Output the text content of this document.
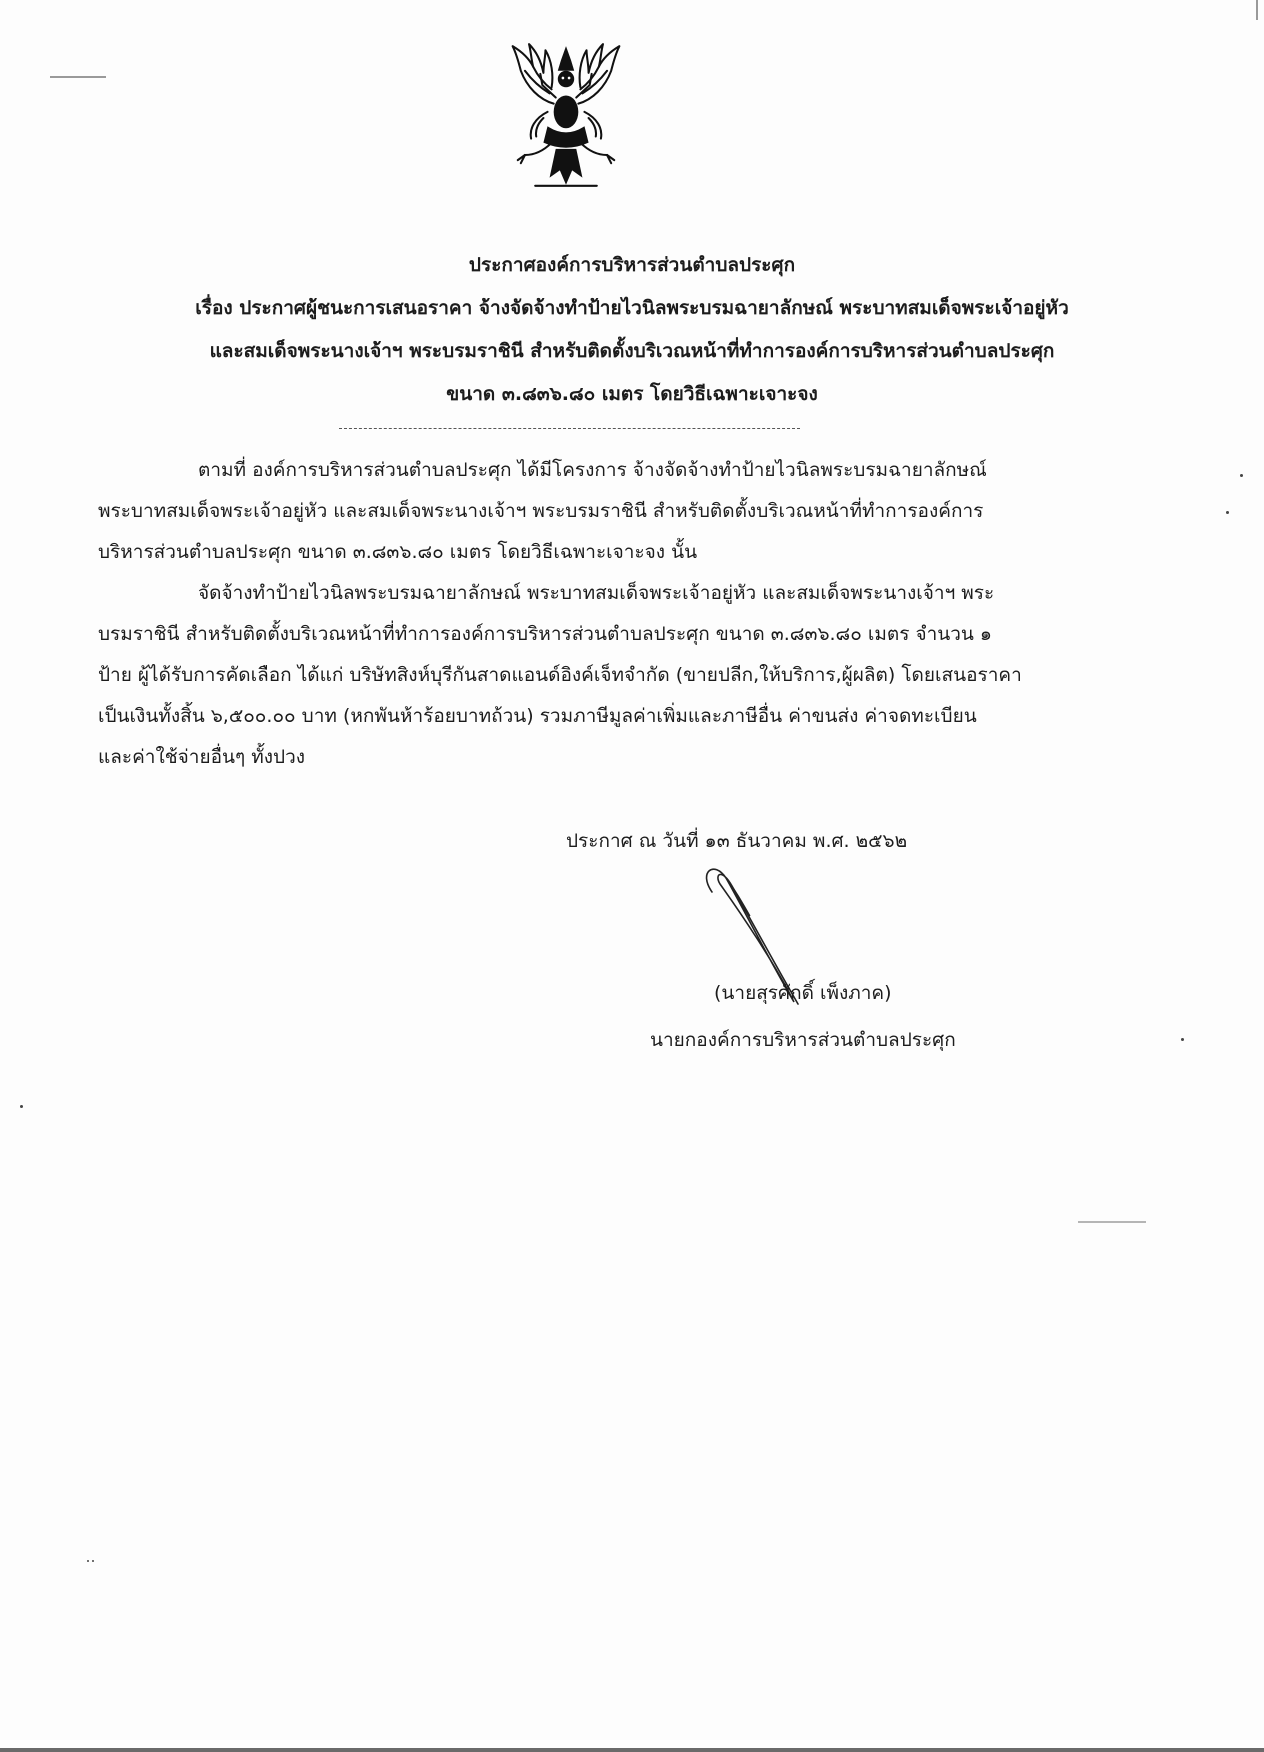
ประกาศองค์การบริหารส่วนตำบลประศุก
เรื่อง ประกาศผู้ชนะการเสนอราคา จ้างจัดจ้างทำป้ายไวนิลพระบรมฉายาลักษณ์ พระบาทสมเด็จพระเจ้าอยู่หัว
และสมเด็จพระนางเจ้าฯ พระบรมราชินี สำหรับติดตั้งบริเวณหน้าที่ทำการองค์การบริหารส่วนตำบลประศุก
ขนาด ๓.๘๓๖.๘๐ เมตร โดยวิธีเฉพาะเจาะจง
ตามที่ องค์การบริหารส่วนตำบลประศุก ได้มีโครงการ จ้างจัดจ้างทำป้ายไวนิลพระบรมฉายาลักษณ์
พระบาทสมเด็จพระเจ้าอยู่หัว และสมเด็จพระนางเจ้าฯ พระบรมราชินี สำหรับติดตั้งบริเวณหน้าที่ทำการองค์การ
บริหารส่วนตำบลประศุก ขนาด ๓.๘๓๖.๘๐ เมตร โดยวิธีเฉพาะเจาะจง นั้น
จัดจ้างทำป้ายไวนิลพระบรมฉายาลักษณ์ พระบาทสมเด็จพระเจ้าอยู่หัว และสมเด็จพระนางเจ้าฯ พระ
บรมราชินี สำหรับติดตั้งบริเวณหน้าที่ทำการองค์การบริหารส่วนตำบลประศุก ขนาด ๓.๘๓๖.๘๐ เมตร จำนวน ๑
ป้าย ผู้ได้รับการคัดเลือก ได้แก่ บริษัทสิงห์บุรีกันสาดแอนด์อิงค์เจ็ทจำกัด (ขายปลีก,ให้บริการ,ผู้ผลิต) โดยเสนอราคา
เป็นเงินทั้งสิ้น ๖,๕๐๐.๐๐ บาท (หกพันห้าร้อยบาทถ้วน) รวมภาษีมูลค่าเพิ่มและภาษีอื่น ค่าขนส่ง ค่าจดทะเบียน
และค่าใช้จ่ายอื่นๆ ทั้งปวง
ประกาศ ณ วันที่ ๑๓ ธันวาคม พ.ศ. ๒๕๖๒
(นายสุรศักดิ์ เพ็งภาค)
นายกองค์การบริหารส่วนตำบลประศุก
